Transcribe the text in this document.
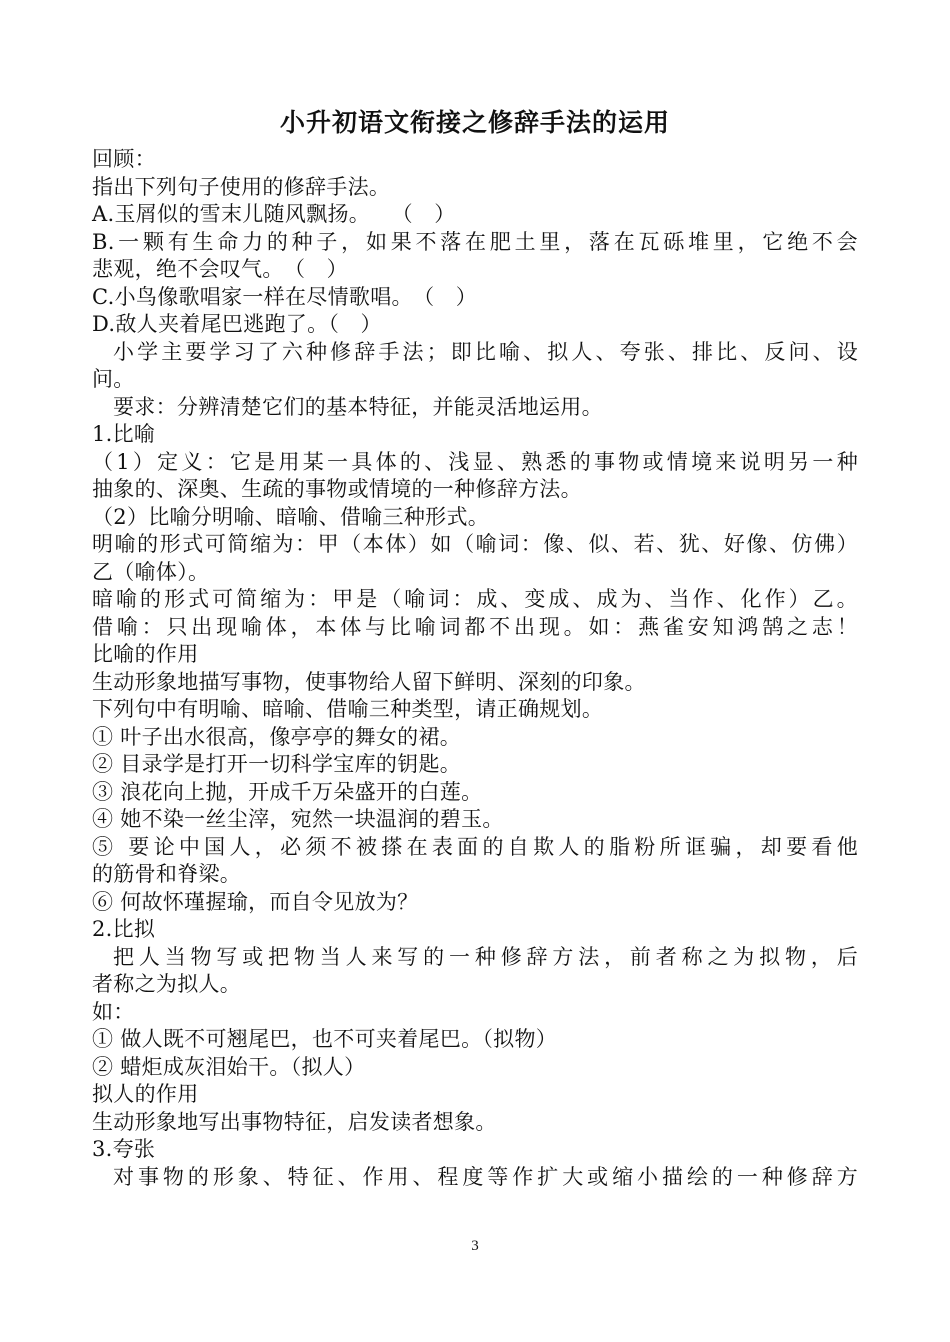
小升初语文衔接之修辞手法的运用
回顾：
指出下列句子使用的修辞手法。
A.玉屑似的雪末儿随风飘扬。　　（　）
B.一颗有生命力的种子，如果不落在肥土里，落在瓦砾堆里，它绝不会
悲观，绝不会叹气。　（　）
C.小鸟像歌唱家一样在尽情歌唱。　（　）
D.敌人夹着尾巴逃跑了。（　）
小学主要学习了六种修辞手法；即比喻、拟人、夸张、排比、反问、设
问。
要求：分辨清楚它们的基本特征，并能灵活地运用。
1.比喻
（1）定义：它是用某一具体的、浅显、熟悉的事物或情境来说明另一种
抽象的、深奥、生疏的事物或情境的一种修辞方法。
（2）比喻分明喻、暗喻、借喻三种形式。
明喻的形式可简缩为：甲（本体）如（喻词：像、似、若、犹、好像、仿佛）
乙（喻体）。
暗喻的形式可简缩为：甲是（喻词：成、变成、成为、当作、化作）乙。
借喻：只出现喻体，本体与比喻词都不出现。如：燕雀安知鸿鹄之志！
比喻的作用
生动形象地描写事物，使事物给人留下鲜明、深刻的印象。
下列句中有明喻、暗喻、借喻三种类型，请正确规划。
① 叶子出水很高，像亭亭的舞女的裙。
② 目录学是打开一切科学宝库的钥匙。
③ 浪花向上抛，开成千万朵盛开的白莲。
④ 她不染一丝尘滓，宛然一块温润的碧玉。
⑤ 要论中国人，必须不被搽在表面的自欺人的脂粉所诓骗，却要看他
的筋骨和脊梁。
⑥ 何故怀瑾握瑜，而自令见放为？
2.比拟
把人当物写或把物当人来写的一种修辞方法，前者称之为拟物，后
者称之为拟人。
如：
① 做人既不可翘尾巴，也不可夹着尾巴。（拟物）
② 蜡炬成灰泪始干。（拟人）
拟人的作用
生动形象地写出事物特征，启发读者想象。
3.夸张
对事物的形象、特征、作用、程度等作扩大或缩小描绘的一种修辞方
3
